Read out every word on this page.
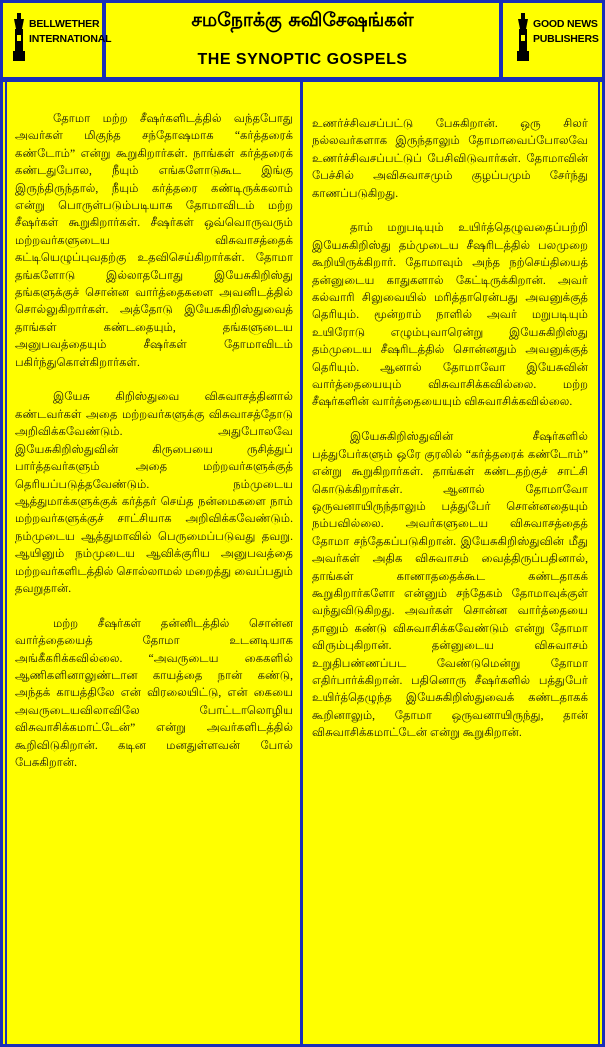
BELLWETHER
INTERNATIONAL
சமநோக்கு சுவிசேஷங்கள்
THE SYNOPTIC GOSPELS
GOOD NEWS
PUBLISHERS

தோமா மற்ற சீஷர்களிடத்தில் வந்தபோது அவர்கள் மிகுந்த சந்தோஷமாக “கர்த்தரைக் கண்டோம்” என்று கூறுகிறார்கள். நாங்கள் கர்த்தரைக் கண்டதுபோல, நீயும் எங்களோடுகூட இங்கு இருந்திருந்தால், நீயும் கர்த்தரை கண்டிருக்கலாம் என்று பொருள்படும்படியாக தோமாவிடம் மற்ற சீஷர்கள் கூறுகிறார்கள். சீஷர்கள் ஒவ்வொருவரும் மற்றவர்களுடைய விசுவாசத்தைக் கட்டியெழுப்புவதற்கு உதவிசெய்கிறார்கள். தோமா தங்களோடு இல்லாதபோது இயேசுகிறிஸ்து தங்களுக்குச் சொன்ன வார்த்தைகளை அவனிடத்தில் சொல்லுகிறார்கள். அத்தோடு இயேசுகிறிஸ்துவைத் தாங்கள் கண்டதையும், தங்களுடைய அனுபவத்தையும் சீஷர்கள் தோமாவிடம் பகிர்ந்துகொள்கிறார்கள்.

இயேசு கிறிஸ்துவை விசுவாசத்தினால் கண்டவர்கள் அதை மற்றவர்களுக்கு விசுவாசத்தோடு அறிவிக்கவேண்டும். அதுபோலவே இயேசுகிறிஸ்துவின் கிருபையை ருசித்துப் பார்த்தவர்களும் அதை மற்றவர்களுக்குத் தெரியப்படுத்தவேண்டும். நம்முடைய ஆத்துமாக்களுக்குக் கர்த்தர் செய்த நன்மைகளை நாம் மற்றவர்களுக்குச் சாட்சியாக அறிவிக்கவேண்டும். நம்முடைய ஆத்துமாவில் பெருமைப்படுவது தவறு. ஆயினும் நம்முடைய ஆவிக்குரிய அனுபவத்தை மற்றவர்களிடத்தில் சொல்லாமல் மறைத்து வைப்பதும் தவறுதான்.

மற்ற சீஷர்கள் தன்னிடத்தில் சொன்ன வார்த்தையைத் தோமா உடனடியாக அங்கீகரிக்கவில்லை. “அவருடைய கைகளில் ஆணிகளினாலுண்டான காயத்தை நான் கண்டு, அந்தக் காயத்திலே என் விரலையிட்டு, என் கையை அவருடையவிலாவிலே போட்டாலொழிய விசுவாசிக்கமாட்டேன்” என்று அவர்களிடத்தில் கூறிவிடுகிறான். கடின மனதுள்ளவன் போல் பேசுகிறான்.

உணர்ச்சிவசப்பட்டு பேசுகிறான். ஒரு சிலர் நல்லவர்களாக இருந்தாலும் தோமாவைப்போலவே உணர்ச்சிவசப்பட்டுப் பேசிவிடுவார்கள். தோமாவின் பேச்சில் அவிசுவாசமும் குழப்பமும் சேர்ந்து காணப்படுகிறது.

தாம் மறுபடியும் உயிர்த்தெழுவதைப்பற்றி இயேசுகிறிஸ்து தம்முடைய சீஷரிடத்தில் பலமுறை கூறியிருக்கிறார். தோமாவும் அந்த நற்செய்தியைத் தன்னுடைய காதுகளால் கேட்டிருக்கிறான். அவர் கல்வாரி சிலுவையில் மரித்தாரென்பது அவனுக்குத் தெரியும். மூன்றாம் நாளில் அவர் மறுபடியும் உயிரோடு எழும்புவாரென்று இயேசுகிறிஸ்து தம்முடைய சீஷரிடத்தில் சொன்னதும் அவனுக்குத் தெரியும். ஆனால் தோமாவோ இயேசுவின் வார்த்தையையும் விசுவாசிக்கவில்லை. மற்ற சீஷர்களின் வார்த்தையையும் விசுவாசிக்கவில்லை.

இயேசுகிறிஸ்துவின் சீஷர்களில் பத்துபேர்களும் ஒரே குரலில் “கர்த்தரைக் கண்டோம்” என்று கூறுகிறார்கள். தாங்கள் கண்டதற்குச் சாட்சி கொடுக்கிறார்கள். ஆனால் தோமாவோ ஒருவனாயிருந்தாலும் பத்துபேர் சொன்னதையும் நம்பவில்லை. அவர்களுடைய விசுவாசத்தைத் தோமா சந்தேகப்படுகிறான். இயேசுகிறிஸ்துவின் மீது அவர்கள் அதிக விசுவாசம் வைத்திருப்பதினால், தாங்கள் காணாததைக்கூட கண்டதாகக் கூறுகிறார்களோ என்னும் சந்தேகம் தோமாவுக்குள் வந்துவிடுகிறது. அவர்கள் சொன்ன வார்த்தையை தானும் கண்டு விசுவாசிக்கவேண்டும் என்று தோமா விரும்புகிறான். தன்னுடைய விசுவாசம் உறுதிபண்ணப்பட வேண்டுமென்று தோமா எதிர்பார்க்கிறான். பதினொரு சீஷர்களில் பத்துபேர் உயிர்த்தெழுந்த இயேசுகிறிஸ்துவைக் கண்டதாகக் கூறினாலும், தோமா ஒருவனாயிருந்து, தான் விசுவாசிக்கமாட்டேன் என்று கூறுகிறான்.
